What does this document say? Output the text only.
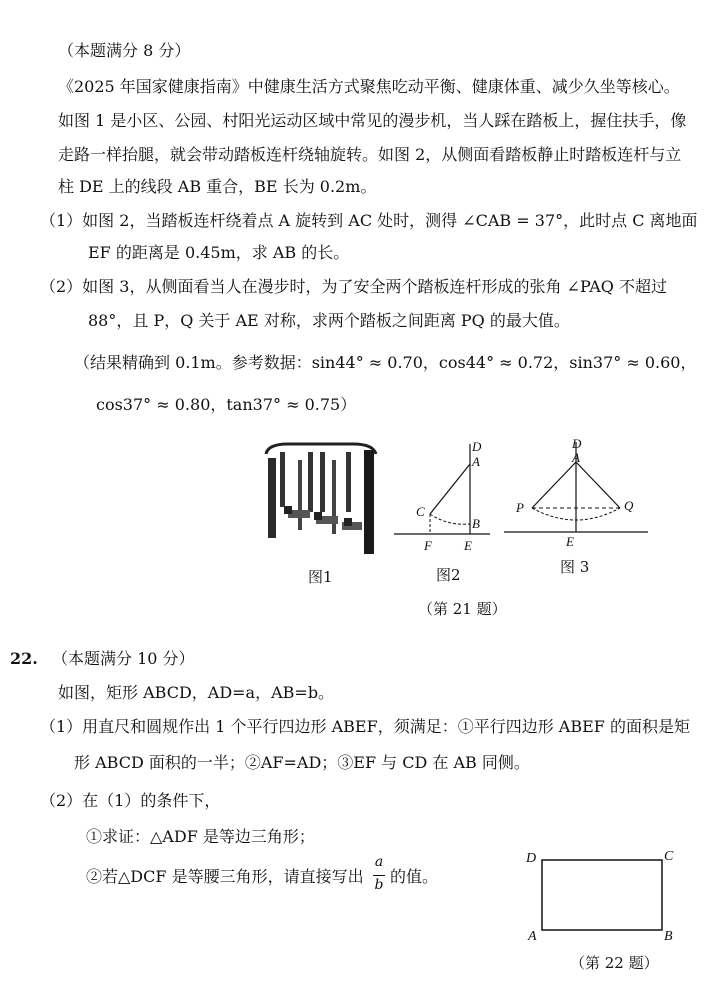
（本题满分 8 分）
《2025 年国家健康指南》中健康生活方式聚焦吃动平衡、健康体重、减少久坐等核心。
如图 1 是小区、公园、村阳光运动区域中常见的漫步机，当人踩在踏板上，握住扶手，像
走路一样抬腿，就会带动踏板连杆绕轴旋转。如图 2，从侧面看踏板静止时踏板连杆与立
柱 DE 上的线段 AB 重合，BE 长为 0.2m。
（1）如图 2，当踏板连杆绕着点 A 旋转到 AC 处时，测得 ∠CAB = 37°，此时点 C 离地面
EF 的距离是 0.45m，求 AB 的长。
（2）如图 3，从侧面看当人在漫步时，为了安全两个踏板连杆形成的张角 ∠PAQ 不超过
88°，且 P，Q 关于 AE 对称，求两个踏板之间距离 PQ 的最大值。
（结果精确到 0.1m。参考数据：sin44° ≈ 0.70，cos44° ≈ 0.72，sin37° ≈ 0.60，
cos37° ≈ 0.80，tan37° ≈ 0.75）
D
A
C
B
F E
D
A
P	Q
E
图1	图2	图 3
（第 21 题）
22. （本题满分 10 分）
如图，矩形 ABCD，AD=a，AB=b。
（1）用直尺和圆规作出 1 个平行四边形 ABEF，须满足：①平行四边形 ABEF 的面积是矩
形 ABCD 面积的一半；②AF=AD；③EF 与 CD 在 AB 同侧。
（2）在（1）的条件下，
①求证：△ADF 是等边三角形；
②若△DCF 是等腰三角形，请直接写出
a
b 的值。
D	C
A	B
（第 22 题）
